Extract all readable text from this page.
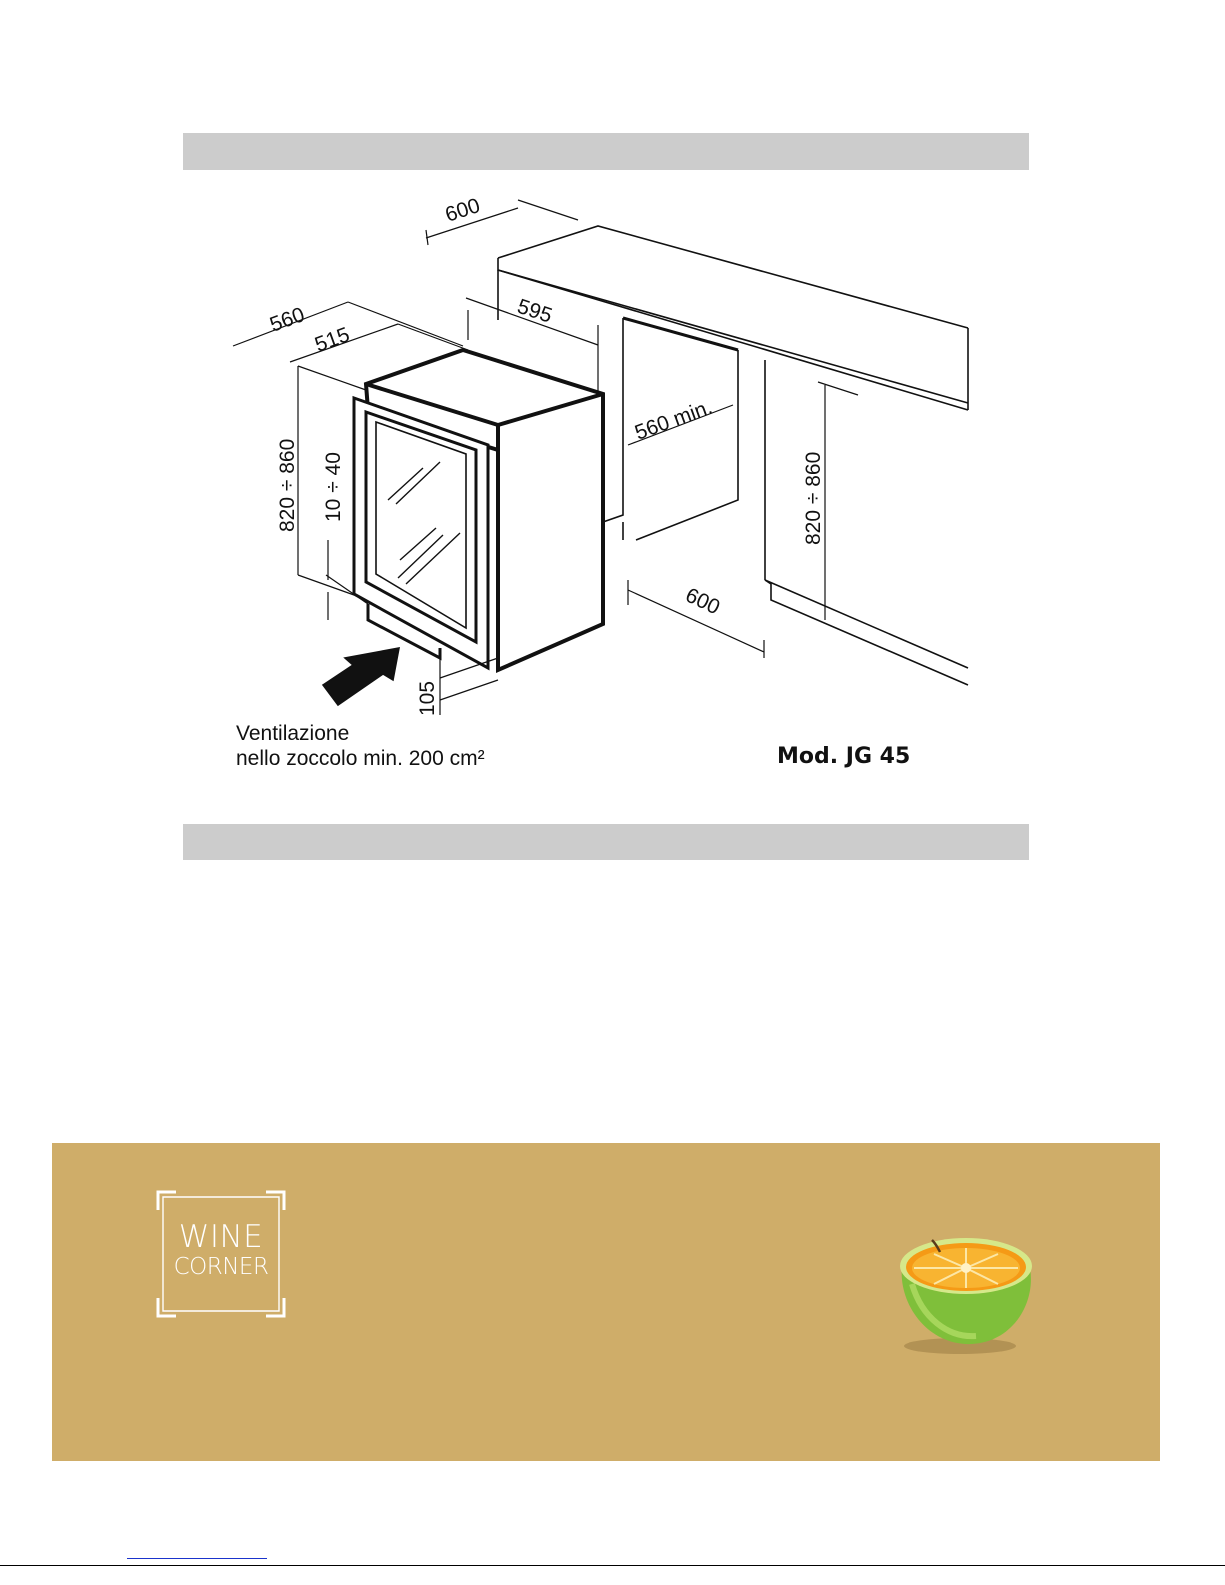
600
560
515
595
560 min.
820 ÷ 860 10 ÷ 40
600
820 ÷ 860
105
Ventilazione
nello zoccolo min. 200 cm²	Mod. JG 45
WINE
CORNER
